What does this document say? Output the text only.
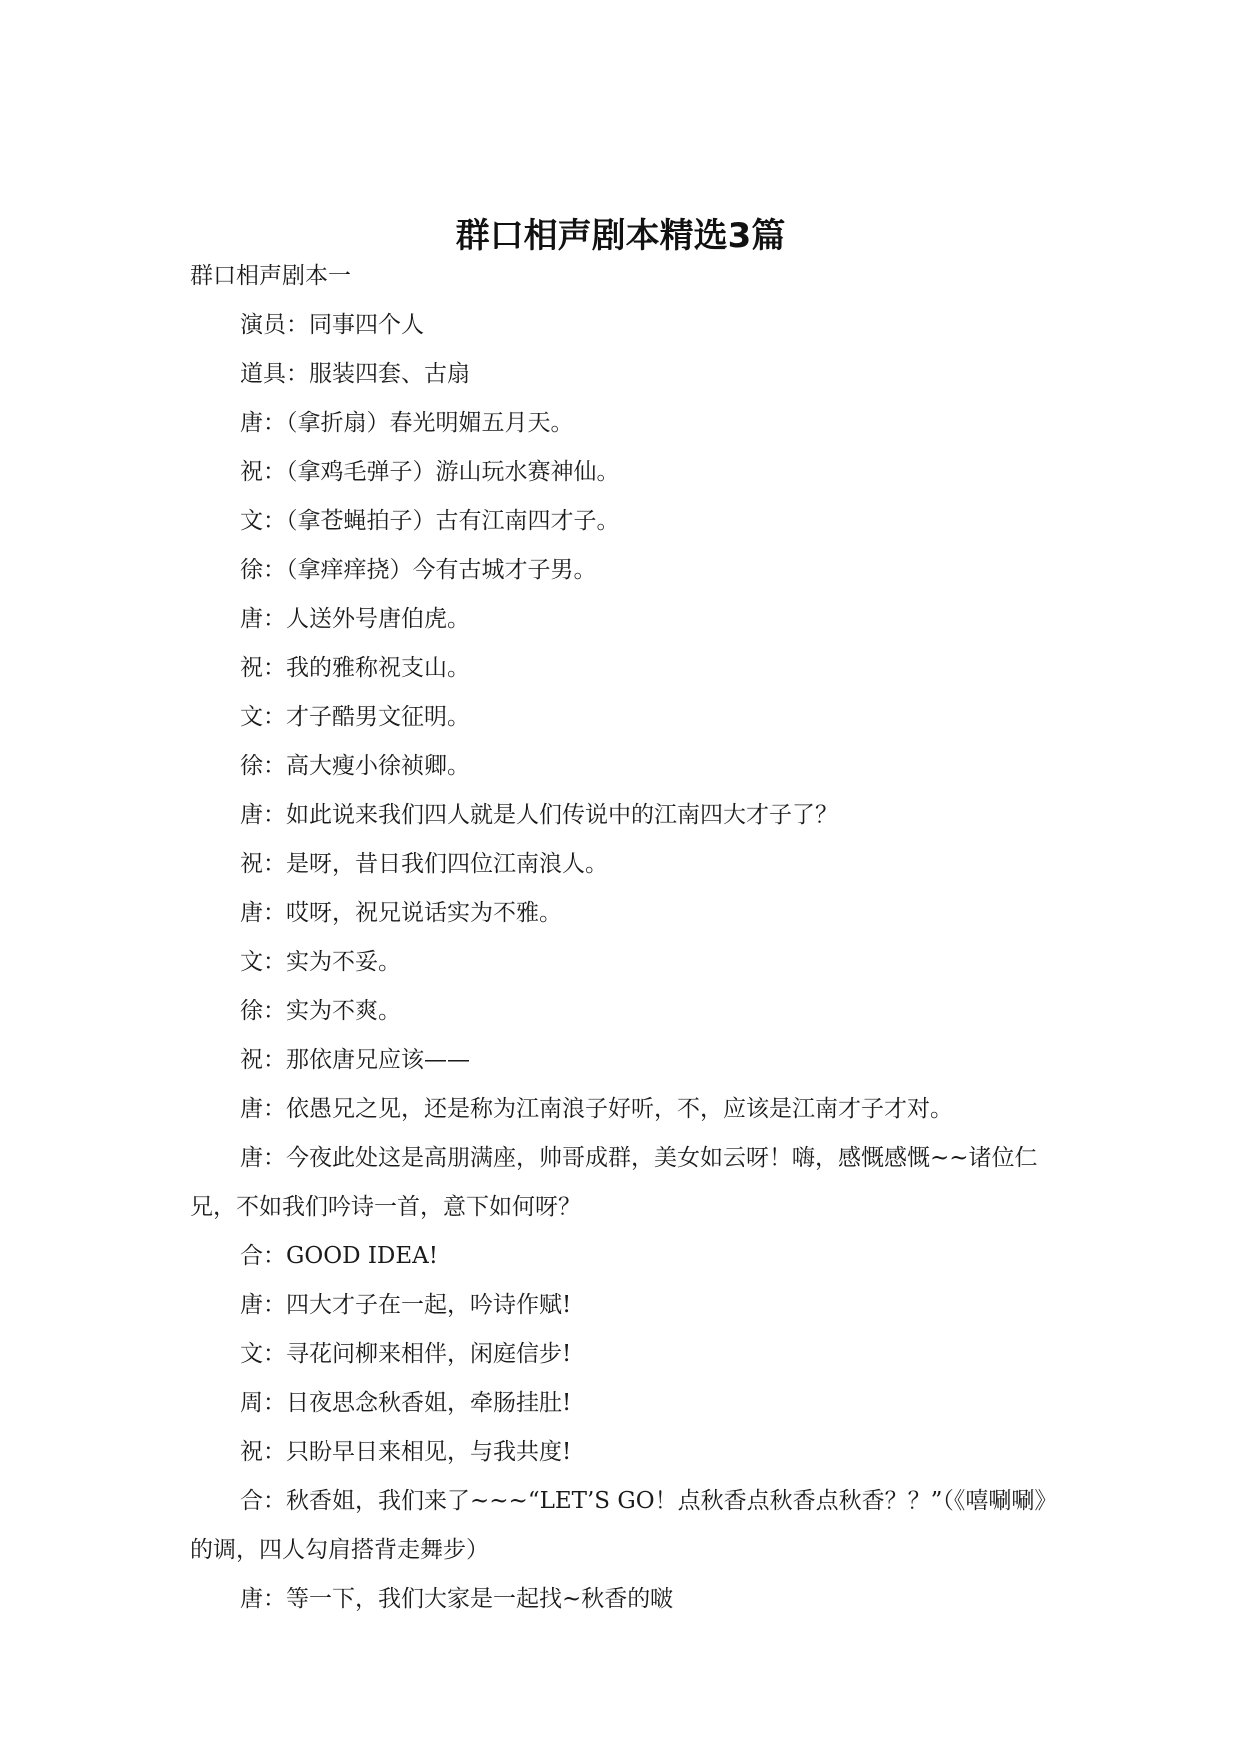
群口相声剧本精选3篇

群口相声剧本一

演员：同事四个人

道具：服装四套、古扇

唐：（拿折扇）春光明媚五月天。

祝：（拿鸡毛弹子）游山玩水赛神仙。

文：（拿苍蝇拍子）古有江南四才子。

徐：（拿痒痒挠）今有古城才子男。

唐：人送外号唐伯虎。

祝：我的雅称祝支山。

文：才子酷男文征明。

徐：高大瘦小徐祯卿。

唐：如此说来我们四人就是人们传说中的江南四大才子了？

祝：是呀，昔日我们四位江南浪人。

唐：哎呀，祝兄说话实为不雅。

文：实为不妥。

徐：实为不爽。

祝：那依唐兄应该——

唐：依愚兄之见，还是称为江南浪子好听，不，应该是江南才子才对。

唐：今夜此处这是高朋满座，帅哥成群，美女如云呀！嗨，感慨感慨~~诸位仁兄，不如我们吟诗一首，意下如何呀？

合：GOOD IDEA!

唐：四大才子在一起，吟诗作赋!

文：寻花问柳来相伴，闲庭信步!

周：日夜思念秋香姐，牵肠挂肚!

祝：只盼早日来相见，与我共度!

合：秋香姐，我们来了~~~“LET’S GO！点秋香点秋香点秋香？？”（《嘻唰唰》的调，四人勾肩搭背走舞步）

唐：等一下，我们大家是一起找~秋香的啵
